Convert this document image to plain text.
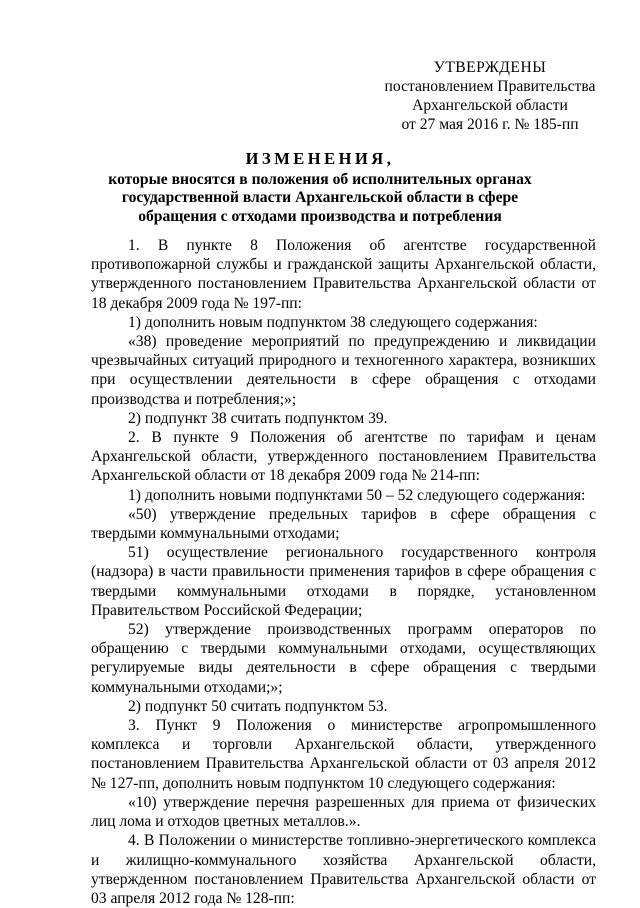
УТВЕРЖДЕНЫ
постановлением Правительства
Архангельской области
от 27 мая 2016 г. № 185-пп
ИЗМЕНЕНИЯ,
которые вносятся в положения об исполнительных органах
государственной власти Архангельской области в сфере
обращения с отходами производства и потребления

1. В пункте 8 Положения об агентстве государственной противопожарной службы и гражданской защиты Архангельской области, утвержденного постановлением Правительства Архангельской области от 18 декабря 2009 года № 197-пп:

1) дополнить новым подпунктом 38 следующего содержания:

«38) проведение мероприятий по предупреждению и ликвидации чрезвычайных ситуаций природного и техногенного характера, возникших при осуществлении деятельности в сфере обращения с отходами производства и потребления;»;

2) подпункт 38 считать подпунктом 39.

2. В пункте 9 Положения об агентстве по тарифам и ценам Архангельской области, утвержденного постановлением Правительства Архангельской области от 18 декабря 2009 года № 214-пп:

1) дополнить новыми подпунктами 50 – 52 следующего содержания:

«50) утверждение предельных тарифов в сфере обращения с твердыми коммунальными отходами;

51) осуществление регионального государственного контроля (надзора) в части правильности применения тарифов в сфере обращения с твердыми коммунальными отходами в порядке, установленном Правительством Российской Федерации;

52) утверждение производственных программ операторов по обращению с твердыми коммунальными отходами, осуществляющих регулируемые виды деятельности в сфере обращения с твердыми коммунальными отходами;»;

2) подпункт 50 считать подпунктом 53.

3. Пункт 9 Положения о министерстве агропромышленного комплекса и торговли Архангельской области, утвержденного постановлением Правительства Архангельской области от 03 апреля 2012 № 127-пп, дополнить новым подпунктом 10 следующего содержания:

«10) утверждение перечня разрешенных для приема от физических лиц лома и отходов цветных металлов.».

4. В Положении о министерстве топливно-энергетического комплекса и жилищно-коммунального хозяйства Архангельской области, утвержденном постановлением Правительства Архангельской области от 03 апреля 2012 года № 128-пп:
